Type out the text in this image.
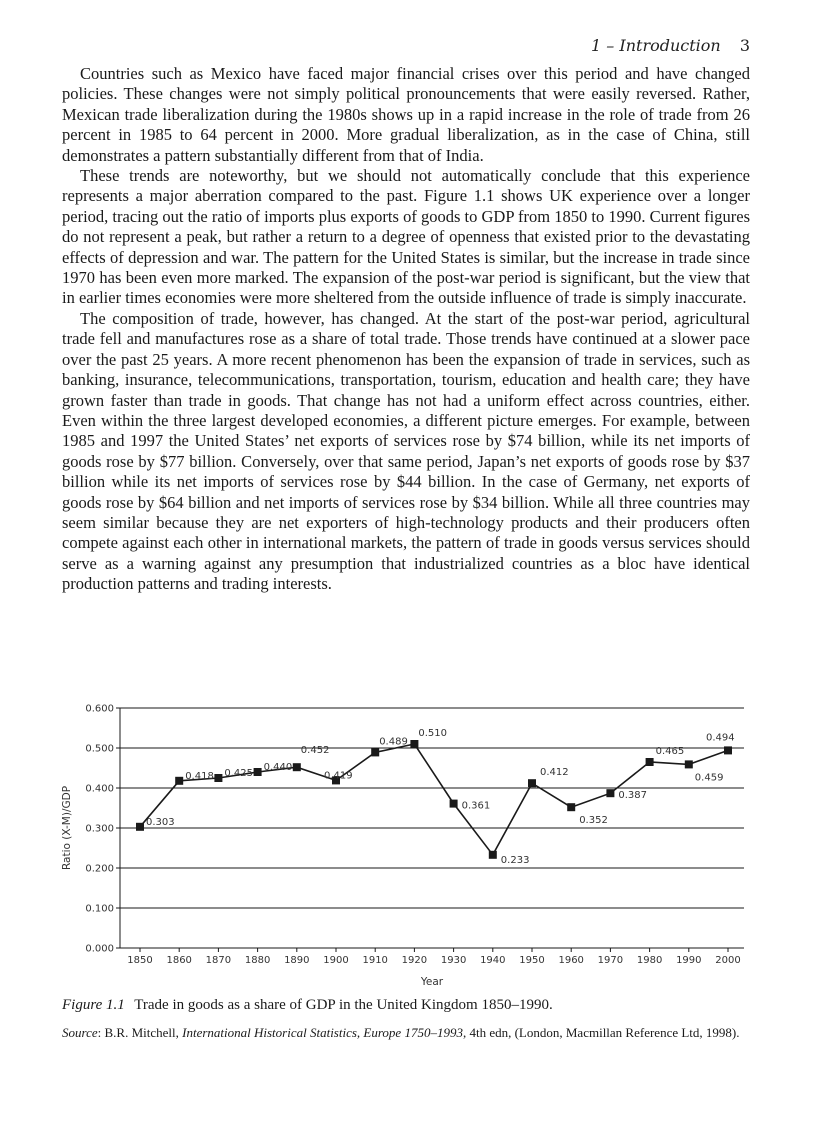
1 – Introduction 3

Countries such as Mexico have faced major financial crises over this period and have changed policies. These changes were not simply political pronouncements that were easily reversed. Rather, Mexican trade liberalization during the 1980s shows up in a rapid increase in the role of trade from 26 percent in 1985 to 64 percent in 2000. More gradual liberalization, as in the case of China, still demonstrates a pattern substantially different from that of India.

These trends are noteworthy, but we should not automatically conclude that this experience represents a major aberration compared to the past. Figure 1.1 shows UK experience over a longer period, tracing out the ratio of imports plus exports of goods to GDP from 1850 to 1990. Current figures do not represent a peak, but rather a return to a degree of openness that existed prior to the devastating effects of depression and war. The pattern for the United States is similar, but the increase in trade since 1970 has been even more marked. The expansion of the post-war period is significant, but the view that in earlier times economies were more sheltered from the outside influence of trade is simply inaccurate.

The composition of trade, however, has changed. At the start of the post-war period, agricultural trade fell and manufactures rose as a share of total trade. Those trends have continued at a slower pace over the past 25 years. A more recent phenomenon has been the expansion of trade in services, such as banking, insurance, telecommunications, transportation, tourism, education and health care; they have grown faster than trade in goods. That change has not had a uniform effect across countries, either. Even within the three largest developed economies, a different picture emerges. For example, between 1985 and 1997 the United States’ net exports of services rose by $74 billion, while its net imports of goods rose by $77 billion. Conversely, over that same period, Japan’s net exports of goods rose by $37 billion while its net imports of services rose by $44 billion. In the case of Germany, net exports of goods rose by $64 billion and net imports of services rose by $34 billion. While all three countries may seem similar because they are net exporters of high-technology products and their producers often compete against each other in international markets, the pattern of trade in goods versus services should serve as a warning against any presumption that industrialized countries as a bloc have identical production patterns and trading interests.

0.000
0.100
0.200
0.300
0.400
0.500
0.600
1850 1860 1870 1880 1890 1900 1910 1920 1930 1940 1950 1960 1970 1980 1990 2000
Year
Ratio (X-M)/GDP	0.303
0.418 0.425
0.440
0.452
0.419
0.489
0.510
0.361
0.233
0.412
0.352
0.387
0.465
0.459
0.494
Figure 1.1 Trade in goods as a share of GDP in the United Kingdom 1850–1990.
Source: B.R. Mitchell, International Historical Statistics, Europe 1750–1993, 4th edn, (London, Macmillan Reference Ltd, 1998).
